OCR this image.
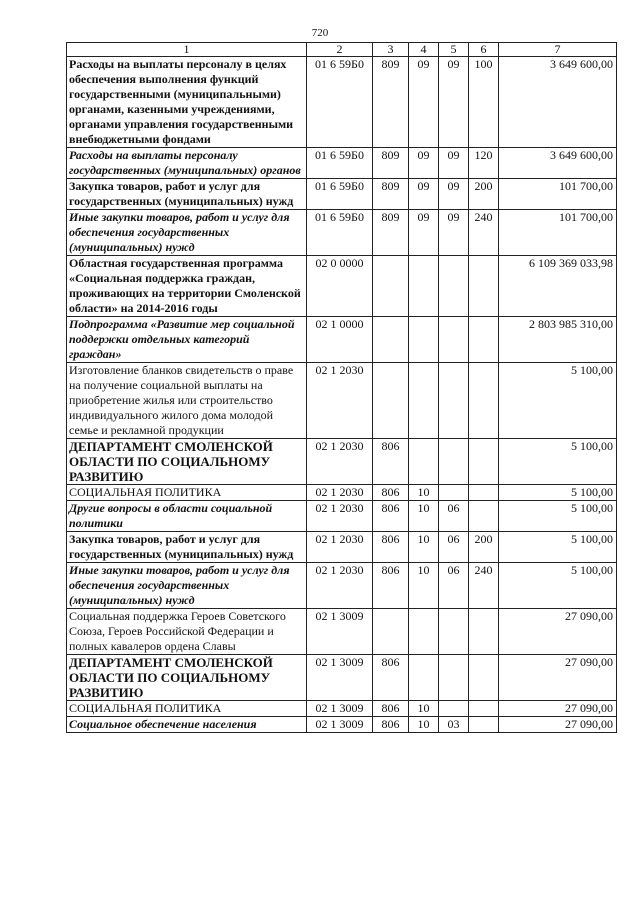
720
1	2	3	4	5	6	7
Расходы на выплаты персоналу в целях обеспечения выполнения функций государственными (муниципальными) органами, казенными учреждениями, органами управления государственными внебюджетными фондами	01 6 59Б0	809	09	09	100	3 649 600,00
Расходы на выплаты персоналу государственных (муниципальных) органов	01 6 59Б0	809	09	09	120	3 649 600,00
Закупка товаров, работ и услуг для государственных (муниципальных) нужд	01 6 59Б0	809	09	09	200	101 700,00
Иные закупки товаров, работ и услуг для обеспечения государственных (муниципальных) нужд	01 6 59Б0	809	09	09	240	101 700,00
Областная государственная программа «Социальная поддержка граждан, проживающих на территории Смоленской области» на 2014-2016 годы	02 0 0000					6 109 369 033,98
Подпрограмма «Развитие мер социальной поддержки отдельных категорий граждан»	02 1 0000					2 803 985 310,00
Изготовление бланков свидетельств о праве на получение социальной выплаты на приобретение жилья или строительство индивидуального жилого дома молодой семье и рекламной продукции	02 1 2030					5 100,00
ДЕПАРТАМЕНТ СМОЛЕНСКОЙ ОБЛАСТИ ПО СОЦИАЛЬНОМУ РАЗВИТИЮ	02 1 2030	806				5 100,00
СОЦИАЛЬНАЯ ПОЛИТИКА	02 1 2030	806	10			5 100,00
Другие вопросы в области социальной политики	02 1 2030	806	10	06		5 100,00
Закупка товаров, работ и услуг для государственных (муниципальных) нужд	02 1 2030	806	10	06	200	5 100,00
Иные закупки товаров, работ и услуг для обеспечения государственных (муниципальных) нужд	02 1 2030	806	10	06	240	5 100,00
Социальная поддержка Героев Советского Союза, Героев Российской Федерации и полных кавалеров ордена Славы	02 1 3009					27 090,00
ДЕПАРТАМЕНТ СМОЛЕНСКОЙ ОБЛАСТИ ПО СОЦИАЛЬНОМУ РАЗВИТИЮ	02 1 3009	806				27 090,00
СОЦИАЛЬНАЯ ПОЛИТИКА	02 1 3009	806	10			27 090,00
Социальное обеспечение населения	02 1 3009	806	10	03		27 090,00
